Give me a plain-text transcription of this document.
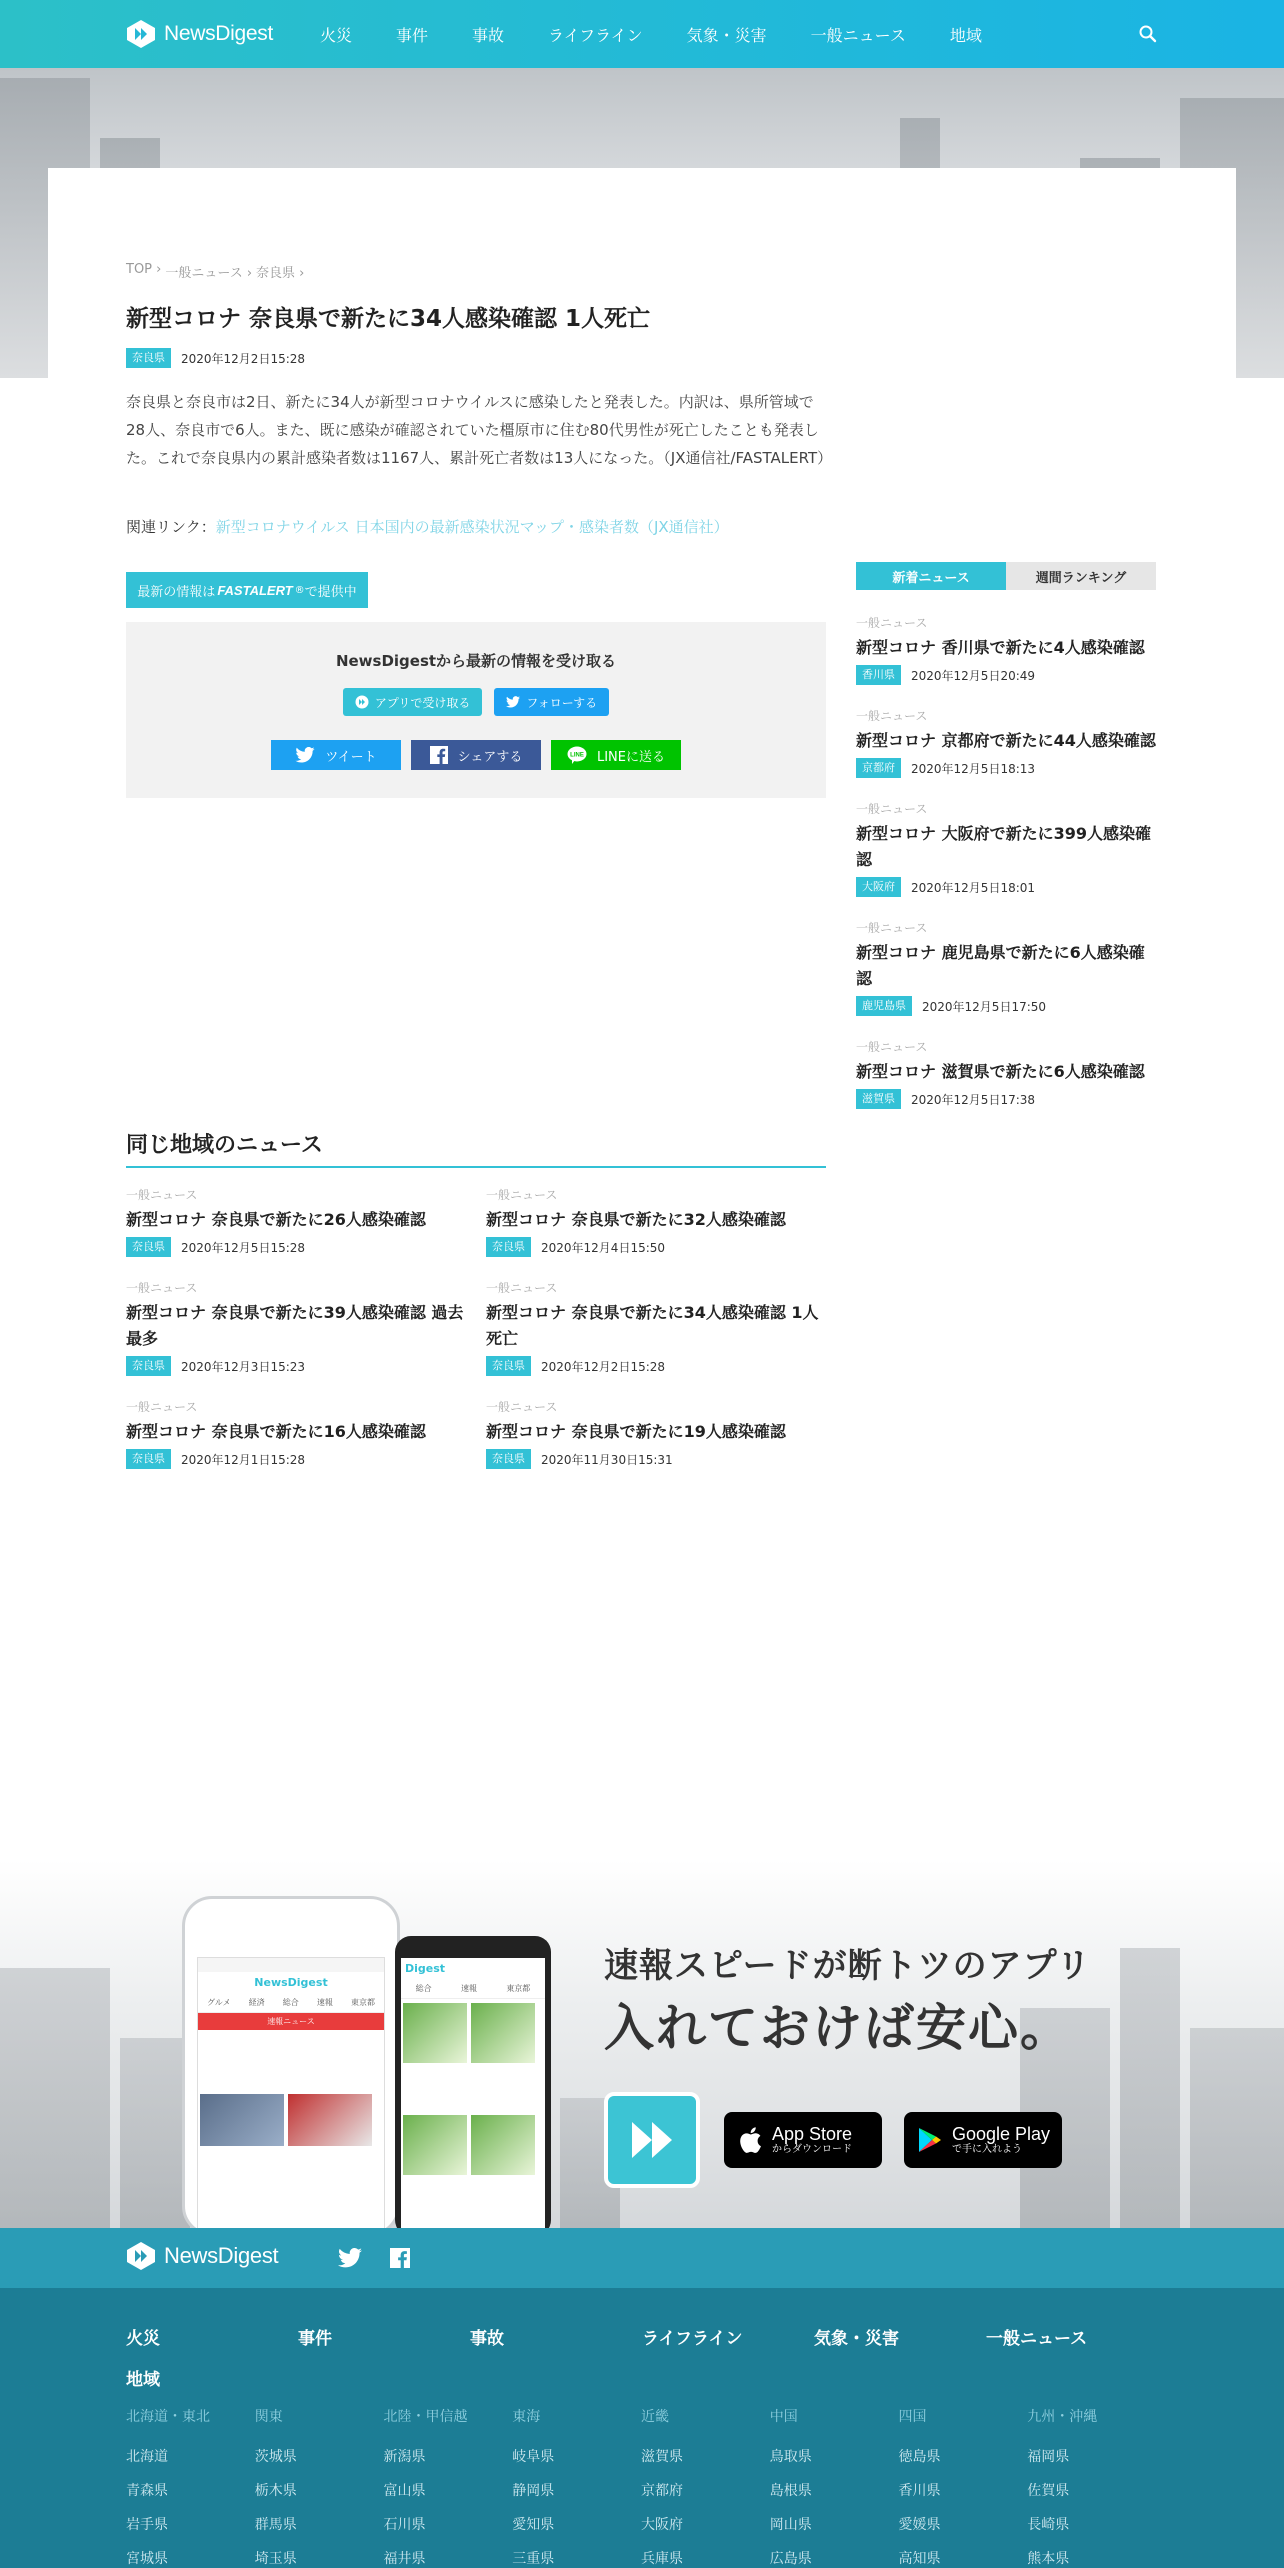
NewsDigest	火災	事件	事故	ライフライン	気象・災害	一般ニュース	地域
TOP › 一般ニュース › 奈良県 ›
新型コロナ 奈良県で新たに34人感染確認 1人死亡
奈良県	2020年12月2日15:28

奈良県と奈良市は2日、新たに34人が新型コロナウイルスに感染したと発表した。内訳は、県所管域で28人、奈良市で6人。また、既に感染が確認されていた橿原市に住む80代男性が死亡したことも発表した。これで奈良県内の累計感染者数は1167人、累計死亡者数は13人になった。（JX通信社/FASTALERT）

関連リンク：新型コロナウイルス 日本国内の最新感染状況マップ・感染者数（JX通信社）
最新の情報は FASTALERT ® で提供中
NewsDigestから最新の情報を受け取る
アプリで受け取る	フォローする
ツイート	シェアする	LINE LINEに送る
新着ニュース	週間ランキング
一般ニュース
新型コロナ 香川県で新たに4人感染確認
香川県	2020年12月5日20:49
一般ニュース
新型コロナ 京都府で新たに44人感染確認
京都府	2020年12月5日18:13
一般ニュース
新型コロナ 大阪府で新たに399人感染確認
大阪府	2020年12月5日18:01
一般ニュース
新型コロナ 鹿児島県で新たに6人感染確認
鹿児島県	2020年12月5日17:50
一般ニュース
新型コロナ 滋賀県で新たに6人感染確認
滋賀県	2020年12月5日17:38
同じ地域のニュース
一般ニュース
新型コロナ 奈良県で新たに26人感染確認
奈良県	2020年12月5日15:28
一般ニュース
新型コロナ 奈良県で新たに32人感染確認
奈良県	2020年12月4日15:50
一般ニュース
新型コロナ 奈良県で新たに39人感染確認 過去最多
奈良県	2020年12月3日15:23
一般ニュース
新型コロナ 奈良県で新たに34人感染確認 1人死亡
奈良県	2020年12月2日15:28
一般ニュース
新型コロナ 奈良県で新たに16人感染確認
奈良県	2020年12月1日15:28
一般ニュース
新型コロナ 奈良県で新たに19人感染確認
奈良県	2020年11月30日15:31
NewsDigest
グルメ 経済 総合 速報 東京都
速報ニュース
Digest
総合	速報	東京都
速報スピードが断トツのアプリ
入れておけば安心。
App Store
からダウンロード
Google Play
で手に入れよう
NewsDigest
火災	事件	事故	ライフライン	気象・災害	一般ニュース
地域
北海道・東北
北海道
青森県
岩手県
宮城県
関東
茨城県
栃木県
群馬県
埼玉県
北陸・甲信越
新潟県
富山県
石川県
福井県
東海
岐阜県
静岡県
愛知県
三重県
近畿
滋賀県
京都府
大阪府
兵庫県
中国
鳥取県
島根県
岡山県
広島県
四国
徳島県
香川県
愛媛県
高知県
九州・沖縄
福岡県
佐賀県
長崎県
熊本県
